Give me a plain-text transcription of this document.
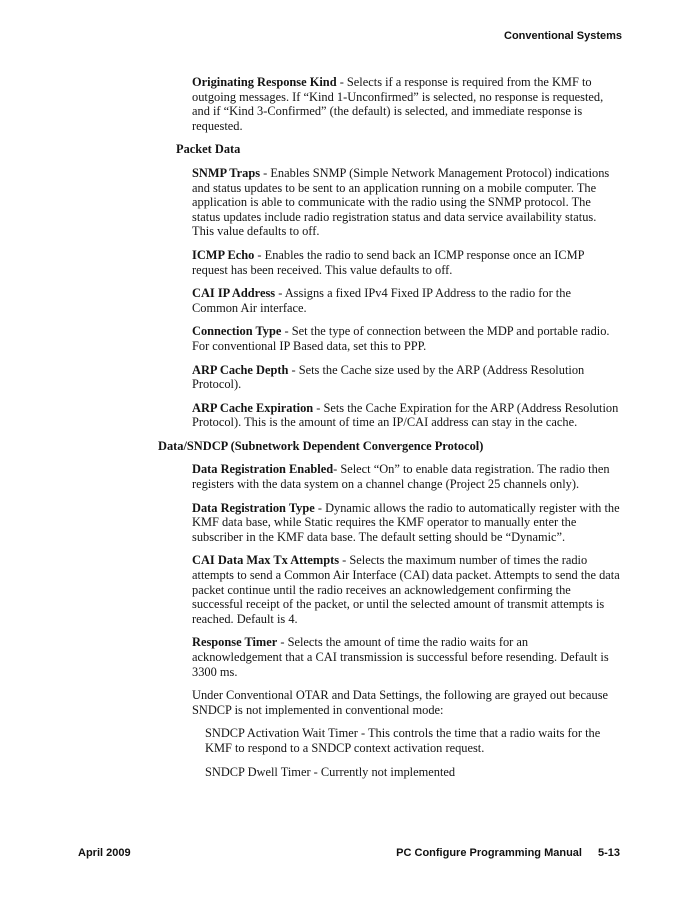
Conventional Systems

Originating Response Kind - Selects if a response is required from the KMF to outgoing messages. If “Kind 1-Unconfirmed” is selected, no response is requested, and if “Kind 3-Confirmed” (the default) is selected, and immediate response is requested.

Packet Data

SNMP Traps - Enables SNMP (Simple Network Management Protocol) indications and status updates to be sent to an application running on a mobile computer. The application is able to communicate with the radio using the SNMP protocol. The status updates include radio registration status and data service availability status. This value defaults to off.

ICMP Echo - Enables the radio to send back an ICMP response once an ICMP request has been received. This value defaults to off.

CAI IP Address - Assigns a fixed IPv4 Fixed IP Address to the radio for the Common Air interface.

Connection Type - Set the type of connection between the MDP and portable radio. For conventional IP Based data, set this to PPP.

ARP Cache Depth - Sets the Cache size used by the ARP (Address Resolution Protocol).

ARP Cache Expiration - Sets the Cache Expiration for the ARP (Address Resolution Protocol). This is the amount of time an IP/CAI address can stay in the cache.

Data/SNDCP (Subnetwork Dependent Convergence Protocol)

Data Registration Enabled- Select “On” to enable data registration. The radio then registers with the data system on a channel change (Project 25 channels only).

Data Registration Type - Dynamic allows the radio to automatically register with the KMF data base, while Static requires the KMF operator to manually enter the subscriber in the KMF data base. The default setting should be “Dynamic”.

CAI Data Max Tx Attempts - Selects the maximum number of times the radio attempts to send a Common Air Interface (CAI) data packet. Attempts to send the data packet continue until the radio receives an acknowledgement confirming the successful receipt of the packet, or until the selected amount of transmit attempts is reached. Default is 4.

Response Timer - Selects the amount of time the radio waits for an acknowledgement that a CAI transmission is successful before resending. Default is 3300 ms.

Under Conventional OTAR and Data Settings, the following are grayed out because SNDCP is not implemented in conventional mode:

SNDCP Activation Wait Timer - This controls the time that a radio waits for the KMF to respond to a SNDCP context activation request.

SNDCP Dwell Timer - Currently not implemented

April 2009	PC Configure Programming Manual 5-13
